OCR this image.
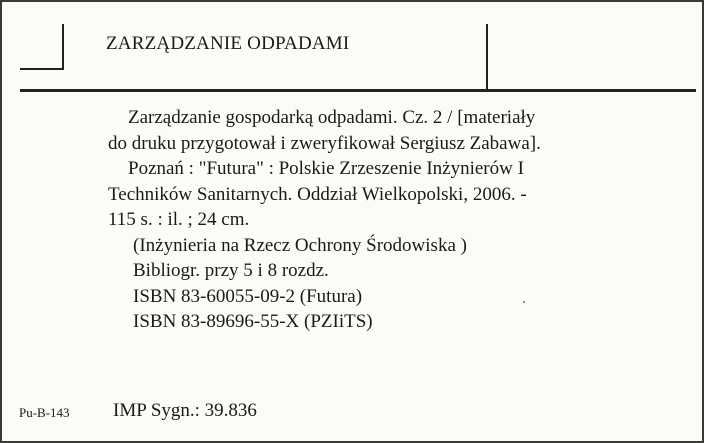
ZARZĄDZANIE ODPADAMI
Zarządzanie gospodarką odpadami. Cz. 2 / [materiały
do druku przygotował i zweryfikował Sergiusz Zabawa].
Poznań : "Futura" : Polskie Zrzeszenie Inżynierów I
Techników Sanitarnych. Oddział Wielkopolski, 2006. -
115 s. : il. ; 24 cm.
(Inżynieria na Rzecz Ochrony Środowiska )
Bibliogr. przy 5 i 8 rozdz.
ISBN 83-60055-09-2 (Futura)
ISBN 83-89696-55-X (PZIiTS)
Pu-B-143 IMP Sygn.: 39.836
